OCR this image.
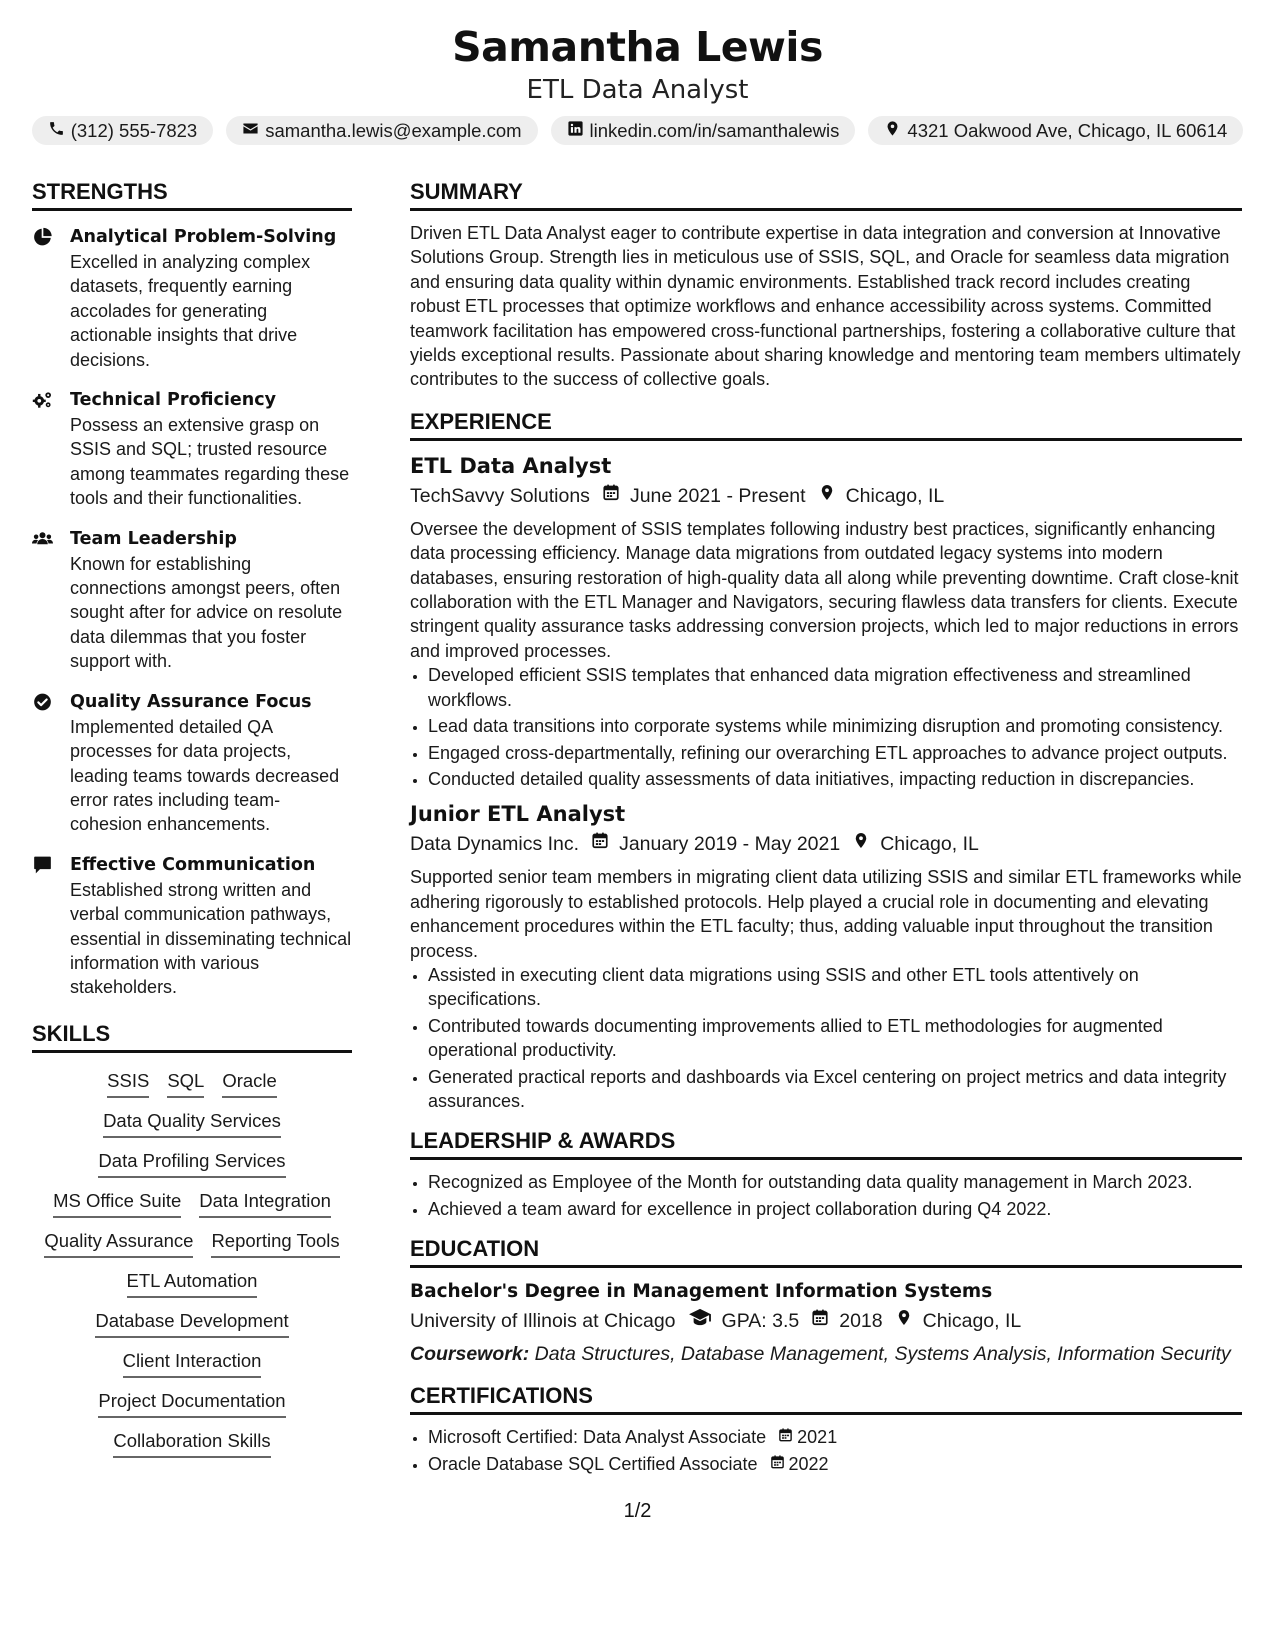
Samantha Lewis
ETL Data Analyst
(312) 555-7823	samantha.lewis@example.com	linkedin.com/in/samanthalewis	4321 Oakwood Ave, Chicago, IL 60614
STRENGTHS
Analytical Problem-Solving
Excelled in analyzing complex datasets, frequently earning accolades for generating actionable insights that drive decisions.
Technical Proficiency
Possess an extensive grasp on SSIS and SQL; trusted resource among teammates regarding these tools and their functionalities.
Team Leadership
Known for establishing connections amongst peers, often sought after for advice on resolute data dilemmas that you foster support with.
Quality Assurance Focus
Implemented detailed QA processes for data projects, leading teams towards decreased error rates including team-cohesion enhancements.
Effective Communication
Established strong written and verbal communication pathways, essential in disseminating technical information with various stakeholders.
SKILLS
SSIS SQL Oracle
Data Quality Services
Data Profiling Services
MS Office Suite Data Integration
Quality Assurance Reporting Tools
ETL Automation
Database Development
Client Interaction
Project Documentation
Collaboration Skills
SUMMARY
Driven ETL Data Analyst eager to contribute expertise in data integration and conversion at Innovative Solutions Group. Strength lies in meticulous use of SSIS, SQL, and Oracle for seamless data migration and ensuring data quality within dynamic environments. Established track record includes creating robust ETL processes that optimize workflows and enhance accessibility across systems. Committed teamwork facilitation has empowered cross-functional partnerships, fostering a collaborative culture that yields exceptional results. Passionate about sharing knowledge and mentoring team members ultimately contributes to the success of collective goals.
EXPERIENCE
ETL Data Analyst
TechSavvy Solutions June 2021 - Present Chicago, IL
Oversee the development of SSIS templates following industry best practices, significantly enhancing data processing efficiency. Manage data migrations from outdated legacy systems into modern databases, ensuring restoration of high-quality data all along while preventing downtime. Craft close-knit collaboration with the ETL Manager and Navigators, securing flawless data transfers for clients. Execute stringent quality assurance tasks addressing conversion projects, which led to major reductions in errors and improved processes.
• Developed efficient SSIS templates that enhanced data migration effectiveness and streamlined workflows.
• Lead data transitions into corporate systems while minimizing disruption and promoting consistency.
• Engaged cross-departmentally, refining our overarching ETL approaches to advance project outputs.
• Conducted detailed quality assessments of data initiatives, impacting reduction in discrepancies.
Junior ETL Analyst
Data Dynamics Inc. January 2019 - May 2021 Chicago, IL
Supported senior team members in migrating client data utilizing SSIS and similar ETL frameworks while adhering rigorously to established protocols. Help played a crucial role in documenting and elevating enhancement procedures within the ETL faculty; thus, adding valuable input throughout the transition process.
• Assisted in executing client data migrations using SSIS and other ETL tools attentively on specifications.
• Contributed towards documenting improvements allied to ETL methodologies for augmented operational productivity.
• Generated practical reports and dashboards via Excel centering on project metrics and data integrity assurances.
LEADERSHIP & AWARDS
• Recognized as Employee of the Month for outstanding data quality management in March 2023.
• Achieved a team award for excellence in project collaboration during Q4 2022.
EDUCATION
Bachelor's Degree in Management Information Systems
University of Illinois at Chicago GPA: 3.5 2018 Chicago, IL
Coursework: Data Structures, Database Management, Systems Analysis, Information Security
CERTIFICATIONS
• Microsoft Certified: Data Analyst Associate 2021
• Oracle Database SQL Certified Associate 2022
1/2
